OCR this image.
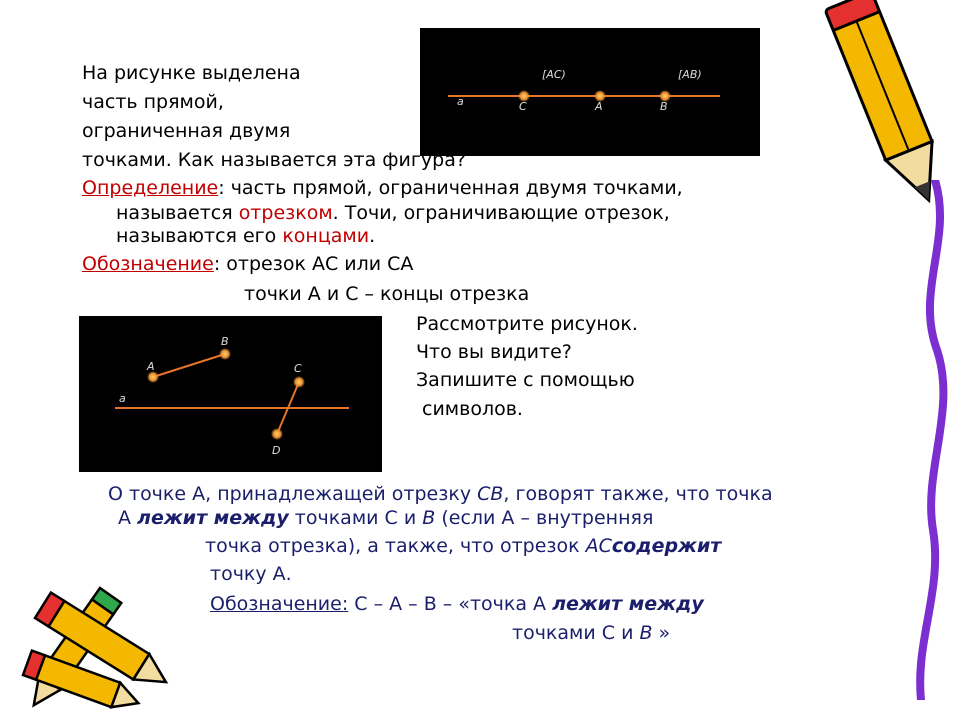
На рисунке выделена
часть прямой,
ограниченная двумя
a
[AC)	[AB)
C	A	B
точками. Как называется эта фигура?
Определение: часть прямой, ограниченная двумя точками,
называется отрезком. Точи, ограничивающие отрезок,
называются его концами.
Обозначение: отрезок АС или СА
точки А и С – концы отрезка
a
A
B
C
D
Рассмотрите рисунок.
Что вы видите?
Запишите с помощью
символов.
О точке А, принадлежащей отрезку СВ, говорят также, что точка
А лежит между точками С и В (если А – внутренняя
точка отрезка), а также, что отрезок АСсодержит
точку А.
Обозначение: С – А – В – «точка А лежит между
точками С и В »
